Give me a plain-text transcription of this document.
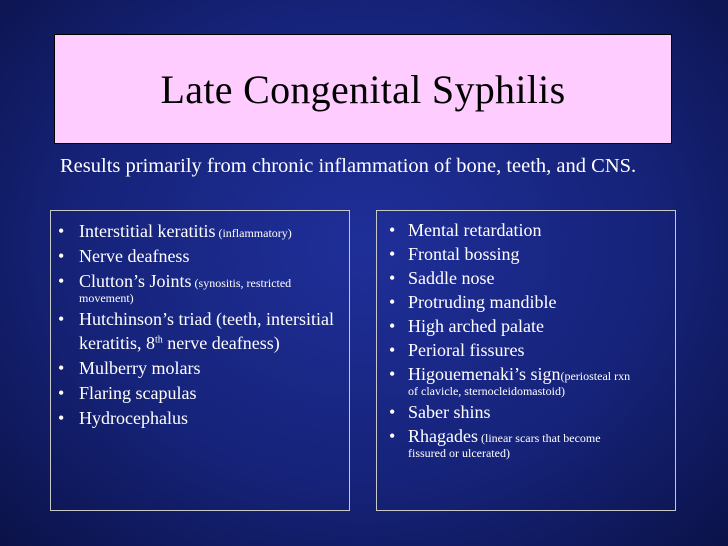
Late Congenital Syphilis
Results primarily from chronic inflammation of bone, teeth, and CNS.
• Interstitial keratitis (inflammatory)
• Nerve deafness
• Clutton’s Joints (synositis, restricted
movement)
• Hutchinson’s triad (teeth, intersitial keratitis, 8th nerve deafness)
• Mulberry molars
• Flaring scapulas
• Hydrocephalus
• Mental retardation
• Frontal bossing
• Saddle nose
• Protruding mandible
• High arched palate
• Perioral fissures
• Higouemenaki’s sign(periosteal rxn
of clavicle, sternocleidomastoid)
• Saber shins
• Rhagades (linear scars that become
fissured or ulcerated)
